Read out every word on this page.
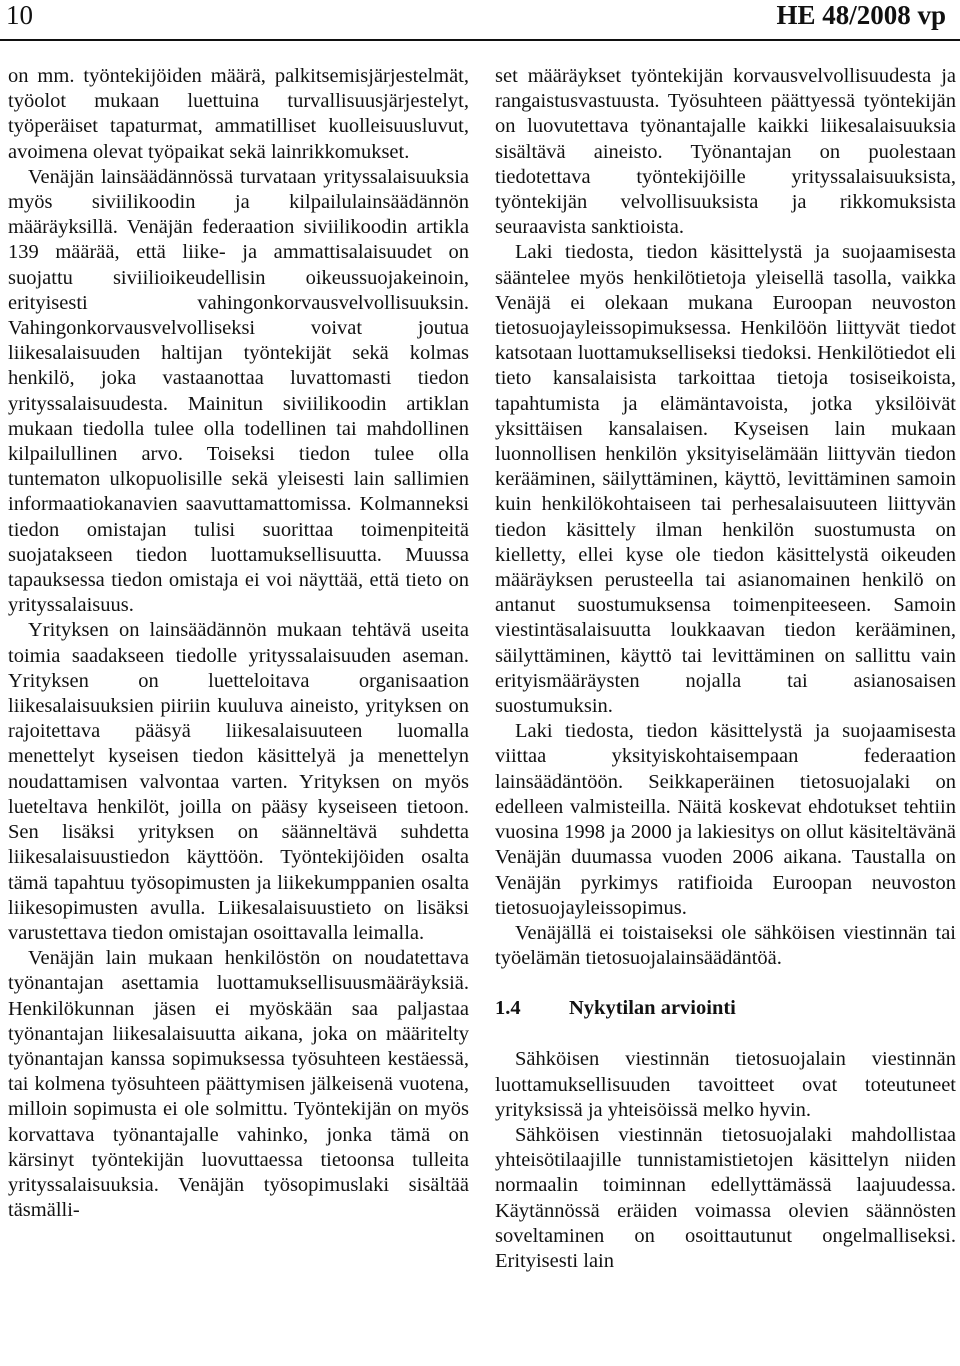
10	HE 48/2008 vp

on mm. työntekijöiden määrä, palkitsemisjärjestelmät, työolot mukaan luettuina turvallisuusjärjestelyt, työperäiset tapaturmat, ammatilliset kuolleisuusluvut, avoimena olevat työpaikat sekä lainrikkomukset.

Venäjän lainsäädännössä turvataan yrityssalaisuuksia myös siviilikoodin ja kilpailulainsäädännön määräyksillä. Venäjän federaation siviilikoodin artikla 139 määrää, että liike- ja ammattisalaisuudet on suojattu siviilioikeudellisin oikeussuojakeinoin, erityisesti vahingonkorvausvelvollisuuksin. Vahingonkorvausvelvolliseksi voivat joutua liikesalaisuuden haltijan työntekijät sekä kolmas henkilö, joka vastaanottaa luvattomasti tiedon yrityssalaisuudesta. Mainitun siviilikoodin artiklan mukaan tiedolla tulee olla todellinen tai mahdollinen kilpailullinen arvo. Toiseksi tiedon tulee olla tuntematon ulkopuolisille sekä yleisesti lain sallimien informaatiokanavien saavuttamattomissa. Kolmanneksi tiedon omistajan tulisi suorittaa toimenpiteitä suojatakseen tiedon luottamuksellisuutta. Muussa tapauksessa tiedon omistaja ei voi näyttää, että tieto on yrityssalaisuus.

Yrityksen on lainsäädännön mukaan tehtävä useita toimia saadakseen tiedolle yrityssalaisuuden aseman. Yrityksen on luetteloitava organisaation liikesalaisuuksien piiriin kuuluva aineisto, yrityksen on rajoitettava pääsyä liikesalaisuuteen luomalla menettelyt kyseisen tiedon käsittelyä ja menettelyn noudattamisen valvontaa varten. Yrityksen on myös lueteltava henkilöt, joilla on pääsy kyseiseen tietoon. Sen lisäksi yrityksen on säänneltävä suhdetta liikesalaisuustiedon käyttöön. Työntekijöiden osalta tämä tapahtuu työsopimusten ja liikekumppanien osalta liikesopimusten avulla. Liikesalaisuustieto on lisäksi varustettava tiedon omistajan osoittavalla leimalla.

Venäjän lain mukaan henkilöstön on noudatettava työnantajan asettamia luottamuksellisuusmääräyksiä. Henkilökunnan jäsen ei myöskään saa paljastaa työnantajan liikesalaisuutta aikana, joka on määritelty työnantajan kanssa sopimuksessa työsuhteen kestäessä, tai kolmena työsuhteen päättymisen jälkeisenä vuotena, milloin sopimusta ei ole solmittu. Työntekijän on myös korvattava työnantajalle vahinko, jonka tämä on kärsinyt työntekijän luovuttaessa tietoonsa tulleita yrityssalaisuuksia. Venäjän työsopimuslaki sisältää täsmälli-

set määräykset työntekijän korvausvelvollisuudesta ja rangaistusvastuusta. Työsuhteen päättyessä työntekijän on luovutettava työnantajalle kaikki liikesalaisuuksia sisältävä aineisto. Työnantajan on puolestaan tiedotettava työntekijöille yrityssalaisuuksista, työntekijän velvollisuuksista ja rikkomuksista seuraavista sanktioista.

Laki tiedosta, tiedon käsittelystä ja suojaamisesta sääntelee myös henkilötietoja yleisellä tasolla, vaikka Venäjä ei olekaan mukana Euroopan neuvoston tietosuojayleissopimuksessa. Henkilöön liittyvät tiedot katsotaan luottamukselliseksi tiedoksi. Henkilötiedot eli tieto kansalaisista tarkoittaa tietoja tosiseikoista, tapahtumista ja elämäntavoista, jotka yksilöivät yksittäisen kansalaisen. Kyseisen lain mukaan luonnollisen henkilön yksityiselämään liittyvän tiedon kerääminen, säilyttäminen, käyttö, levittäminen samoin kuin henkilökohtaiseen tai perhesalaisuuteen liittyvän tiedon käsittely ilman henkilön suostumusta on kielletty, ellei kyse ole tiedon käsittelystä oikeuden määräyksen perusteella tai asianomainen henkilö on antanut suostumuksensa toimenpiteeseen. Samoin viestintäsalaisuutta loukkaavan tiedon kerääminen, säilyttäminen, käyttö tai levittäminen on sallittu vain erityismääräysten nojalla tai asianosaisen suostumuksin.

Laki tiedosta, tiedon käsittelystä ja suojaamisesta viittaa yksityiskohtaisempaan federaation lainsäädäntöön. Seikkaperäinen tietosuojalaki on edelleen valmisteilla. Näitä koskevat ehdotukset tehtiin vuosina 1998 ja 2000 ja lakiesitys on ollut käsiteltävänä Venäjän duumassa vuoden 2006 aikana. Taustalla on Venäjän pyrkimys ratifioida Euroopan neuvoston tietosuojayleissopimus.

Venäjällä ei toistaiseksi ole sähköisen viestinnän tai työelämän tietosuojalainsäädäntöä.

1.4 Nykytilan arviointi

Sähköisen viestinnän tietosuojalain viestinnän luottamuksellisuuden tavoitteet ovat toteutuneet yrityksissä ja yhteisöissä melko hyvin.

Sähköisen viestinnän tietosuojalaki mahdollistaa yhteisötilaajille tunnistamistietojen käsittelyn niiden normaalin toiminnan edellyttämässä laajuudessa. Käytännössä eräiden voimassa olevien säännösten soveltaminen on osoittautunut ongelmalliseksi. Erityisesti lain
